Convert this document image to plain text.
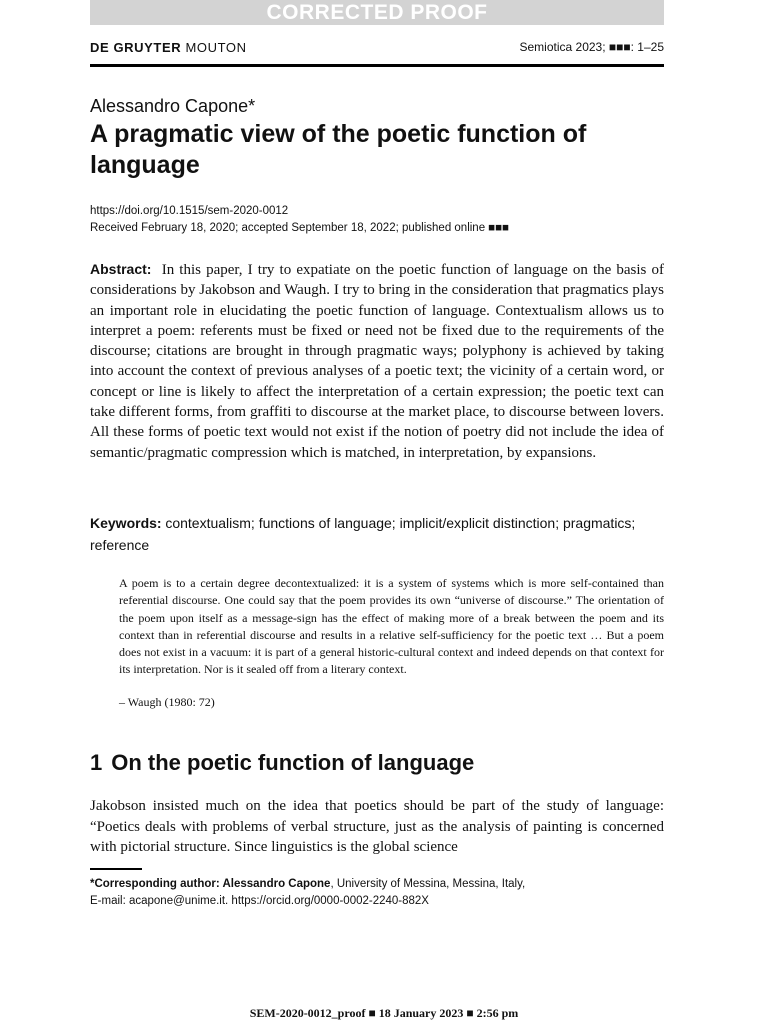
CORRECTED PROOF
DE GRUYTER MOUTON	Semiotica 2023; ■■■: 1–25
Alessandro Capone*
A pragmatic view of the poetic function of language
https://doi.org/10.1515/sem-2020-0012
Received February 18, 2020; accepted September 18, 2022; published online ■■■

Abstract: In this paper, I try to expatiate on the poetic function of language on the basis of considerations by Jakobson and Waugh. I try to bring in the consideration that pragmatics plays an important role in elucidating the poetic function of language. Contextualism allows us to interpret a poem: referents must be fixed or need not be fixed due to the requirements of the discourse; citations are brought in through pragmatic ways; polyphony is achieved by taking into account the context of previous analyses of a poetic text; the vicinity of a certain word, or concept or line is likely to affect the interpretation of a certain expression; the poetic text can take different forms, from graffiti to discourse at the market place, to discourse between lovers. All these forms of poetic text would not exist if the notion of poetry did not include the idea of semantic/pragmatic compression which is matched, in interpretation, by expansions.

Keywords: contextualism; functions of language; implicit/explicit distinction; pragmatics; reference

A poem is to a certain degree decontextualized: it is a system of systems which is more self-contained than referential discourse. One could say that the poem provides its own “universe of discourse.” The orientation of the poem upon itself as a message-sign has the effect of making more of a break between the poem and its context than in referential discourse and results in a relative self-sufficiency for the poetic text … But a poem does not exist in a vacuum: it is part of a general historic-cultural context and indeed depends on that context for its interpretation. Nor is it sealed off from a literary context.

– Waugh (1980: 72)
1 On the poetic function of language

Jakobson insisted much on the idea that poetics should be part of the study of language: “Poetics deals with problems of verbal structure, just as the analysis of painting is concerned with pictorial structure. Since linguistics is the global science

*Corresponding author: Alessandro Capone, University of Messina, Messina, Italy,
E-mail: acapone@unime.it. https://orcid.org/0000-0002-2240-882X
SEM-2020-0012_proof ■ 18 January 2023 ■ 2:56 pm
